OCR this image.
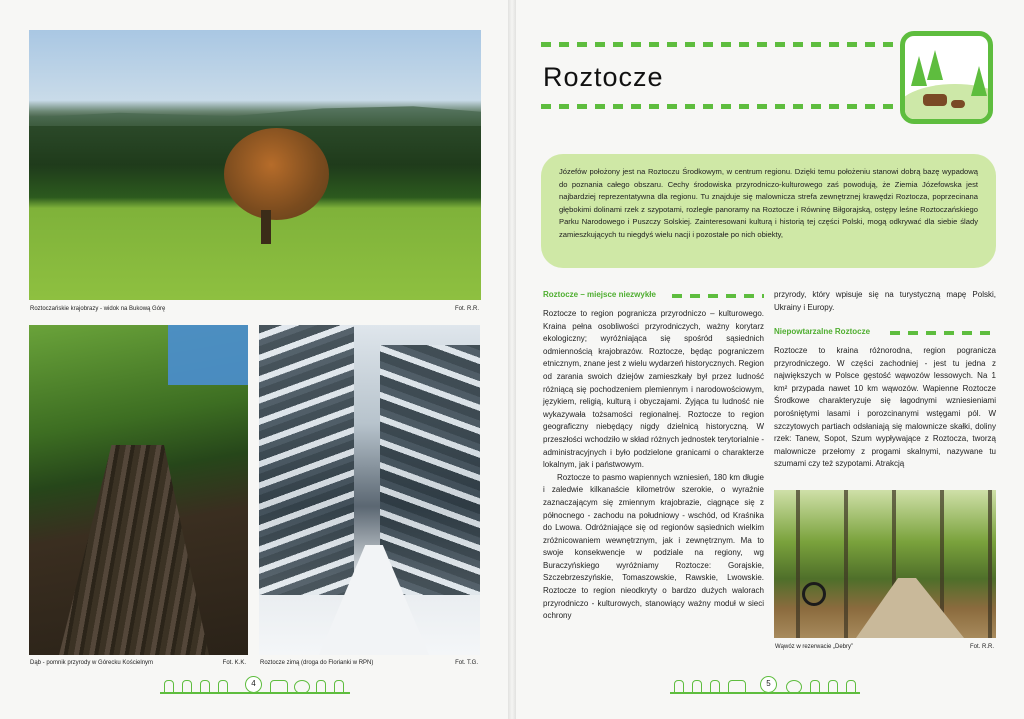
Roztoczańskie krajobrazy - widok na Bukową Górę	Fot. R.R.
Dąb - pomnik przyrody w Górecku Kościelnym	Fot. K.K. Roztocze zimą (droga do Florianki w RPN)	Fot. T.G.
4
Roztocze
Józefów położony jest na Roztoczu Środkowym, w centrum regionu. Dzięki temu położeniu stanowi dobrą bazę wypadową do poznania całego obszaru. Cechy środowiska przyrodniczo-kulturowego zaś powodują, że Ziemia Józefowska jest najbardziej reprezentatywna dla regionu. Tu znajduje się malownicza strefa zewnętrznej krawędzi Roztocza, poprzecinana głębokimi dolinami rzek z szypotami, rozległe panoramy na Roztocze i Równinę Biłgorajską, ostępy leśne Roztoczańskiego Parku Narodowego i Puszczy Solskiej. Zainteresowani kulturą i historią tej części Polski, mogą odkrywać dla siebie ślady zamieszkujących tu niegdyś wielu nacji i pozostałe po nich obiekty,
Roztocze – miejsce niezwykłe

Roztocze to region pogranicza przyrodniczo – kulturowego. Kraina pełna osobliwości przyrodniczych, ważny korytarz ekologiczny; wyróżniająca się spośród sąsiednich odmiennością krajobrazów. Roztocze, będąc pograniczem etnicznym, znane jest z wielu wydarzeń historycznych. Region od zarania swoich dziejów zamieszkały był przez ludność różniącą się pochodzeniem plemiennym i narodowościowym, językiem, religią, kulturą i obyczajami. Żyjąca tu ludność nie wykazywała tożsamości regionalnej. Roztocze to region geograficzny niebędący nigdy dzielnicą historyczną. W przeszłości wchodziło w skład różnych jednostek terytorialnie - administracyjnych i było podzielone granicami o charakterze lokalnym, jak i państwowym.

Roztocze to pasmo wapiennych wzniesień, 180 km długie i zaledwie kilkanaście kilometrów szerokie, o wyraźnie zaznaczającym się zmiennym krajobrazie, ciągnące się z północnego - zachodu na południowy - wschód, od Kraśnika do Lwowa. Odróżniające się od regionów sąsiednich wielkim zróżnicowaniem wewnętrznym, jak i zewnętrznym. Ma to swoje konsekwencje w podziale na regiony, wg Buraczyńskiego wyróżniamy Roztocze: Gorajskie, Szczebrzeszyńskie, Tomaszowskie, Rawskie, Lwowskie. Roztocze to region nieodkryty o bardzo dużych walorach przyrodniczo - kulturowych, stanowiący ważny moduł w sieci ochrony

przyrody, który wpisuje się na turystyczną mapę Polski, Ukrainy i Europy.
Niepowtarzalne Roztocze
Roztocze to kraina różnorodna, region pogranicza przyrodniczego. W części zachodniej - jest tu jedna z największych w Polsce gęstość wąwozów lessowych. Na 1 km² przypada nawet 10 km wąwozów. Wapienne Roztocze Środkowe charakteryzuje się łagodnymi wzniesieniami porośniętymi lasami i porozcinanymi wstęgami pól. W szczytowych partiach odsłaniają się malownicze skałki, doliny rzek: Tanew, Sopot, Szum wypływające z Roztocza, tworzą malownicze przełomy z progami skalnymi, nazywane tu szumami czy też szypotami. Atrakcją
Wąwóz w rezerwacie „Debry”	Fot. R.R.
5
